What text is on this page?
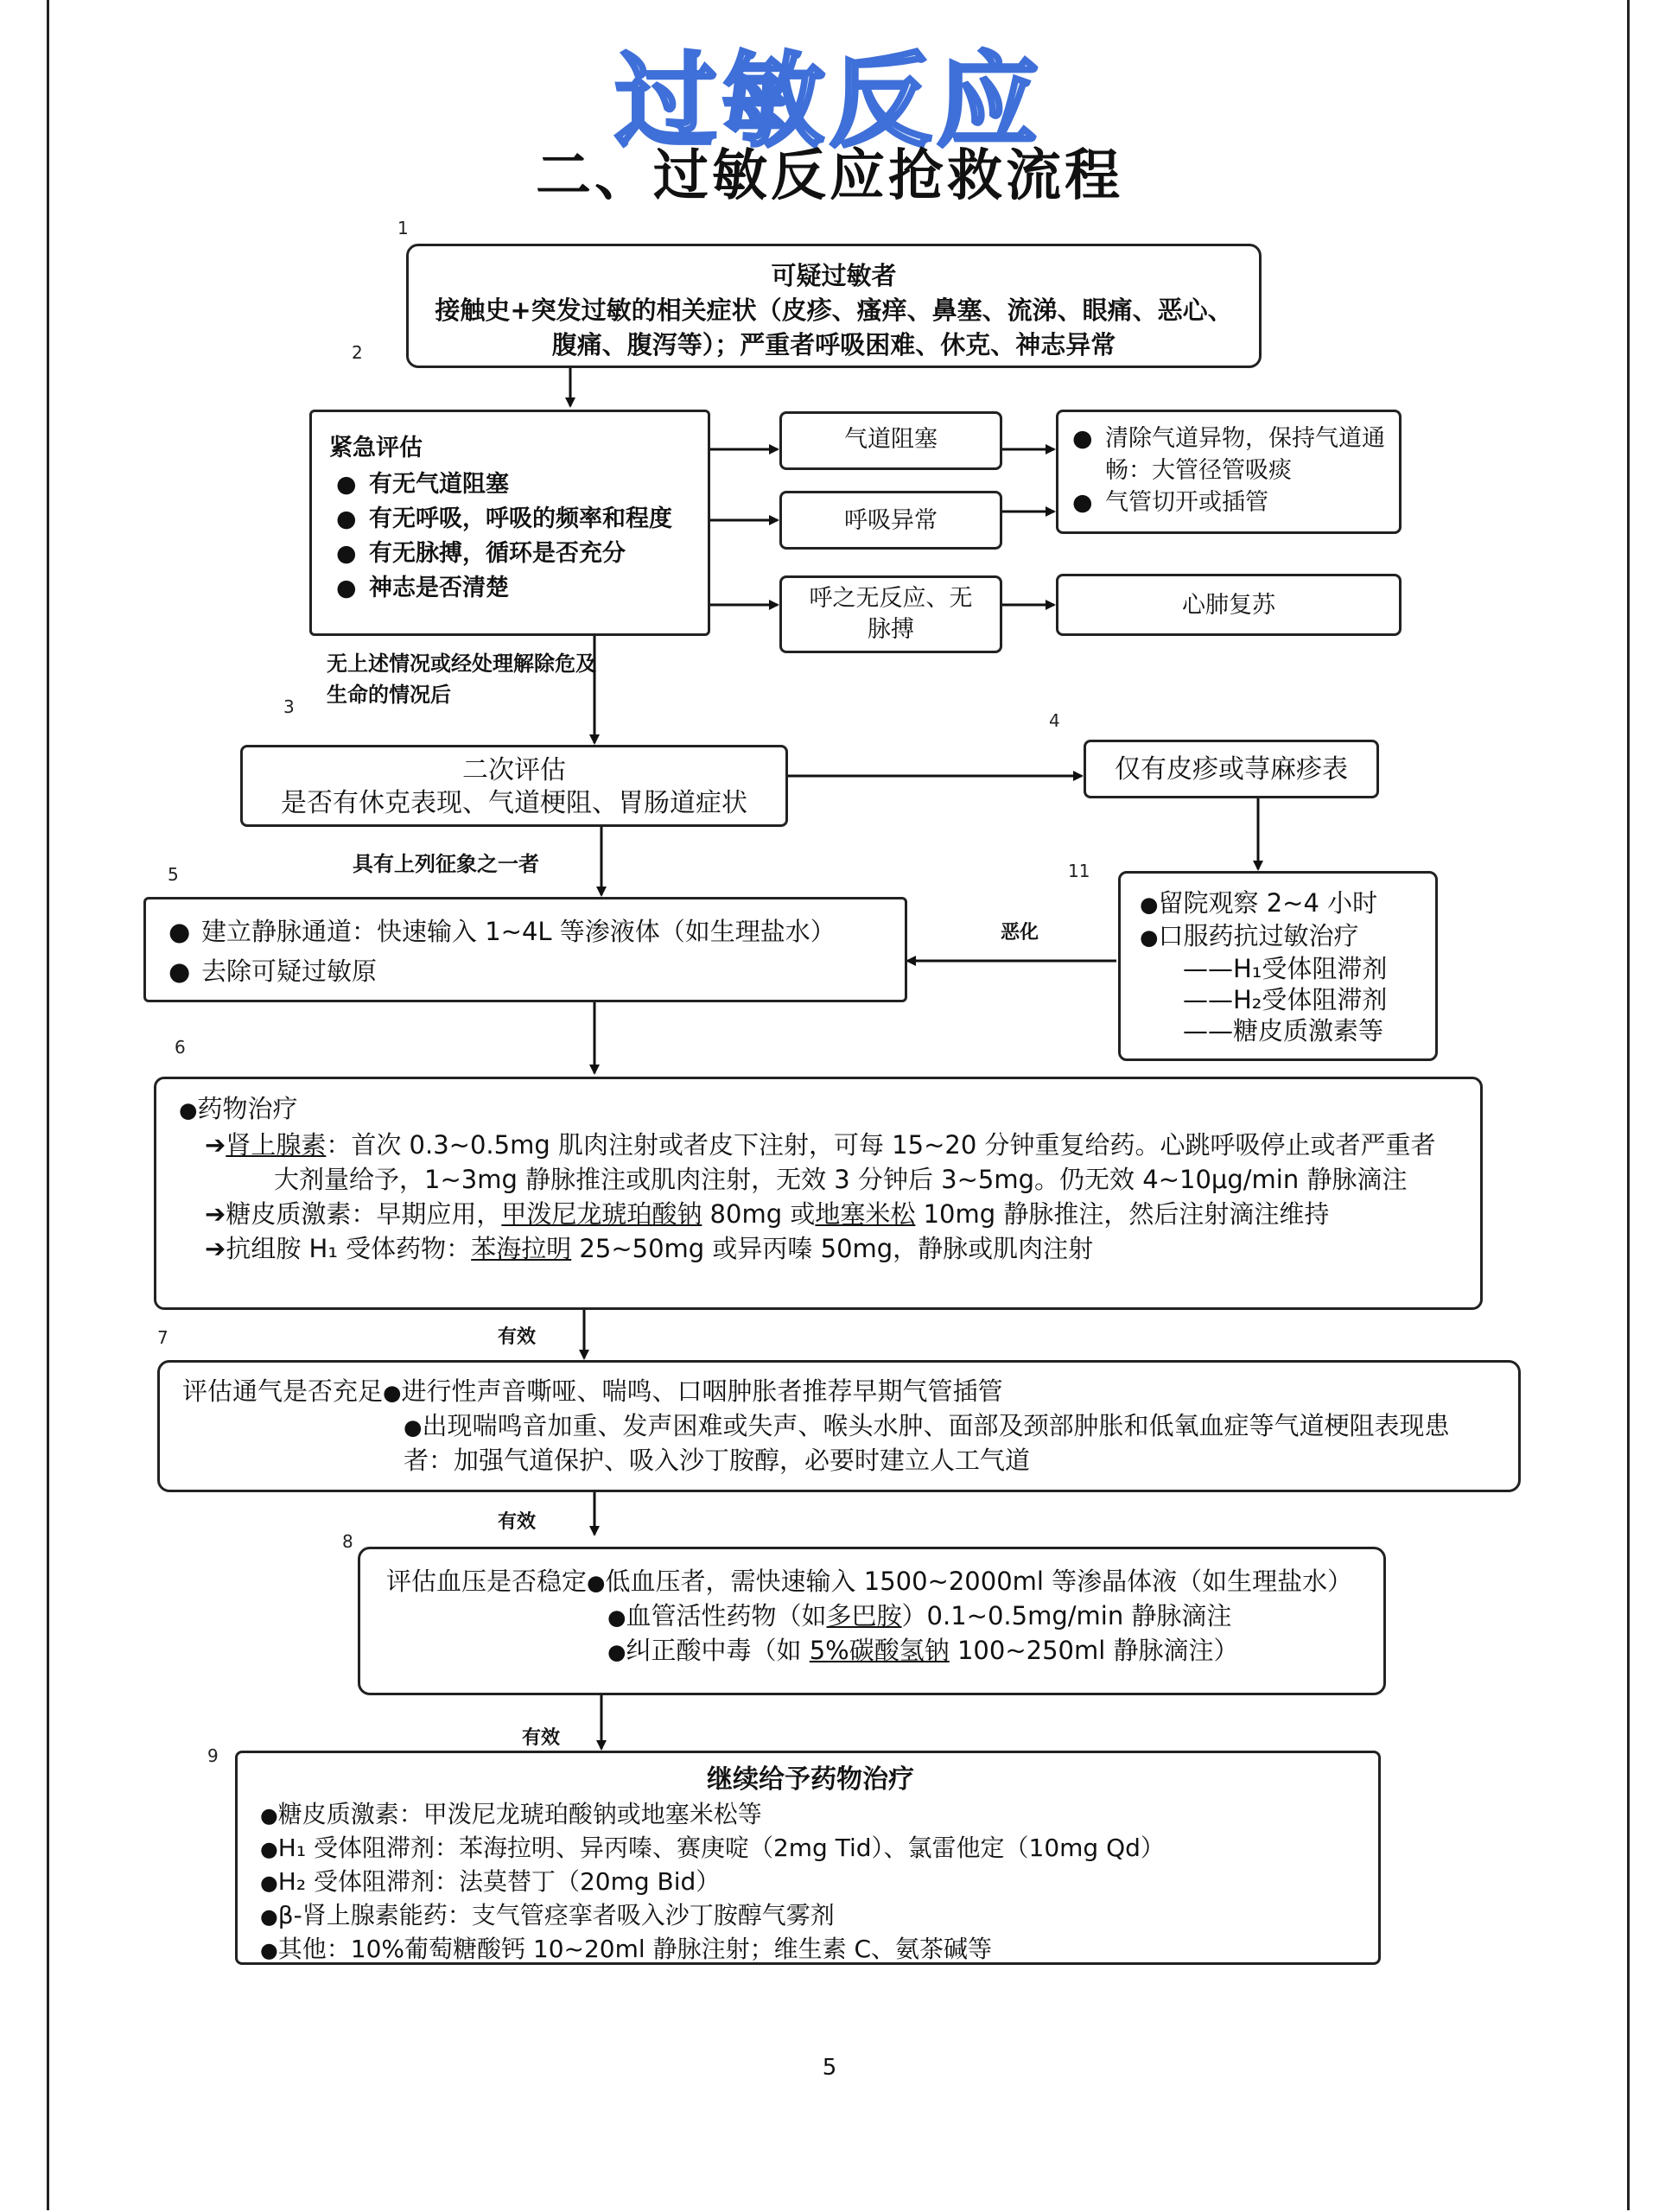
过敏反应
二、过敏反应抢救流程
1
2
3
4
5
6
7
8
9
11
可疑过敏者
接触史+突发过敏的相关症状（皮疹、瘙痒、鼻塞、流涕、眼痛、恶心、腹痛、腹泻等）；严重者呼吸困难、休克、神志异常
紧急评估
● 有无气道阻塞
● 有无呼吸，呼吸的频率和程度
● 有无脉搏，循环是否充分
● 神志是否清楚
气道阻塞
呼吸异常
呼之无反应、无脉搏
● 清除气道异物，保持气道通畅：大管径管吸痰
● 气管切开或插管
心肺复苏
无上述情况或经处理解除危及生命的情况后
二次评估
是否有休克表现、气道梗阻、胃肠道症状
仅有皮疹或荨麻疹表
具有上列征象之一者
● 建立静脉通道：快速输入 1~4L 等渗液体（如生理盐水）
● 去除可疑过敏原
恶化
●留院观察 2~4 小时
●口服药抗过敏治疗
——H₁受体阻滞剂
——H₂受体阻滞剂
——糖皮质激素等
●药物治疗
➔肾上腺素：首次 0.3~0.5mg 肌肉注射或者皮下注射，可每 15~20 分钟重复给药。心跳呼吸停止或者严重者大剂量给予，1~3mg 静脉推注或肌肉注射，无效 3 分钟后 3~5mg。仍无效 4~10μg/min 静脉滴注
➔糖皮质激素：早期应用，甲泼尼龙琥珀酸钠 80mg 或地塞米松 10mg 静脉推注，然后注射滴注维持
➔抗组胺 H₁ 受体药物：苯海拉明 25~50mg 或异丙嗪 50mg，静脉或肌肉注射
有效
有效
有效
评估通气是否充足●进行性声音嘶哑、喘鸣、口咽肿胀者推荐早期气管插管
●出现喘鸣音加重、发声困难或失声、喉头水肿、面部及颈部肿胀和低氧血症等气道梗阻表现患者：加强气道保护、吸入沙丁胺醇，必要时建立人工气道
评估血压是否稳定●低血压者，需快速输入 1500~2000ml 等渗晶体液（如生理盐水）
●血管活性药物（如多巴胺）0.1~0.5mg/min 静脉滴注
●纠正酸中毒（如 5%碳酸氢钠 100~250ml 静脉滴注）
继续给予药物治疗
●糖皮质激素：甲泼尼龙琥珀酸钠或地塞米松等
●H₁ 受体阻滞剂：苯海拉明、异丙嗪、赛庚啶（2mg Tid）、氯雷他定（10mg Qd）
●H₂ 受体阻滞剂：法莫替丁（20mg Bid）
●β-肾上腺素能药：支气管痉挛者吸入沙丁胺醇气雾剂
●其他：10%葡萄糖酸钙 10~20ml 静脉注射；维生素 C、氨茶碱等
5
